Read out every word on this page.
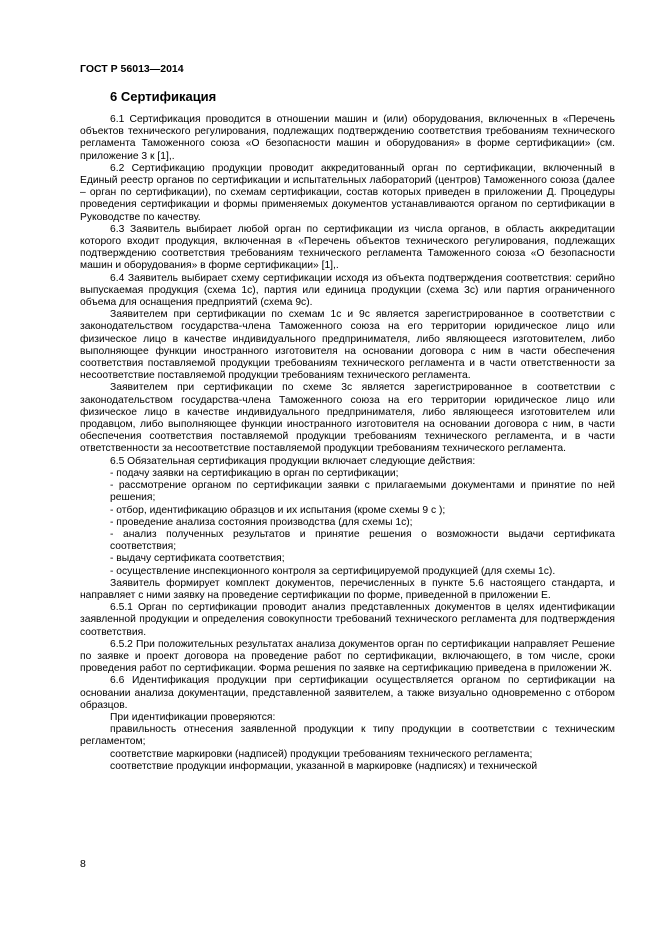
ГОСТ Р 56013—2014
6 Сертификация

6.1 Сертификация проводится в отношении машин и (или) оборудования, включенных в «Перечень объектов технического регулирования, подлежащих подтверждению соответствия требованиям технического регламента Таможенного союза «О безопасности машин и оборудования» в форме сертификации» (см. приложение 3 к [1],.

6.2 Сертификацию продукции проводит аккредитованный орган по сертификации, включенный в Единый реестр органов по сертификации и испытательных лабораторий (центров) Таможенного союза (далее – орган по сертификации), по схемам сертификации, состав которых приведен в приложении Д. Процедуры проведения сертификации и формы применяемых документов устанавливаются органом по сертификации в Руководстве по качеству.

6.3 Заявитель выбирает любой орган по сертификации из числа органов, в область аккредитации которого входит продукция, включенная в «Перечень объектов технического регулирования, подлежащих подтверждению соответствия требованиям технического регламента Таможенного союза «О безопасности машин и оборудования» в форме сертификации» [1],.

6.4 Заявитель выбирает схему сертификации исходя из объекта подтверждения соответствия: серийно выпускаемая продукция (схема 1с), партия или единица продукции (схема 3с) или партия ограниченного объема для оснащения предприятий (схема 9с).

Заявителем при сертификации по схемам 1с и 9с является зарегистрированное в соответствии с законодательством государства-члена Таможенного союза на его территории юридическое лицо или физическое лицо в качестве индивидуального предпринимателя, либо являющееся изготовителем, либо выполняющее функции иностранного изготовителя на основании договора с ним в части обеспечения соответствия поставляемой продукции требованиям технического регламента и в части ответственности за несоответствие поставляемой продукции требованиям технического регламента.

Заявителем при сертификации по схеме 3с является зарегистрированное в соответствии с законодательством государства-члена Таможенного союза на его территории юридическое лицо или физическое лицо в качестве индивидуального предпринимателя, либо являющееся изготовителем или продавцом, либо выполняющее функции иностранного изготовителя на основании договора с ним, в части обеспечения соответствия поставляемой продукции требованиям технического регламента, и в части ответственности за несоответствие поставляемой продукции требованиям технического регламента.

6.5 Обязательная сертификация продукции включает следующие действия:

- подачу заявки на сертификацию в орган по сертификации;

- рассмотрение органом по сертификации заявки с прилагаемыми документами и принятие по ней решения;

- отбор, идентификацию образцов и их испытания (кроме схемы 9 с );

- проведение анализа состояния производства (для схемы 1с);

- анализ полученных результатов и принятие решения о возможности выдачи сертификата соответствия;

- выдачу сертификата соответствия;

- осуществление инспекционного контроля за сертифицируемой продукцией (для схемы 1с).

Заявитель формирует комплект документов, перечисленных в пункте 5.6 настоящего стандарта, и направляет с ними заявку на проведение сертификации по форме, приведенной в приложении Е.

6.5.1 Орган по сертификации проводит анализ представленных документов в целях идентификации заявленной продукции и определения совокупности требований технического регламента для подтверждения соответствия.

6.5.2 При положительных результатах анализа документов орган по сертификации направляет Решение по заявке и проект договора на проведение работ по сертификации, включающего, в том числе, сроки проведения работ по сертификации. Форма решения по заявке на сертификацию приведена в приложении Ж.

6.6 Идентификация продукции при сертификации осуществляется органом по сертификации на основании анализа документации, представленной заявителем, а также визуально одновременно с отбором образцов.

При идентификации проверяются:

правильность отнесения заявленной продукции к типу продукции в соответствии с техническим регламентом;

соответствие маркировки (надписей) продукции требованиям технического регламента;

соответствие продукции информации, указанной в маркировке (надписях) и технической

8
